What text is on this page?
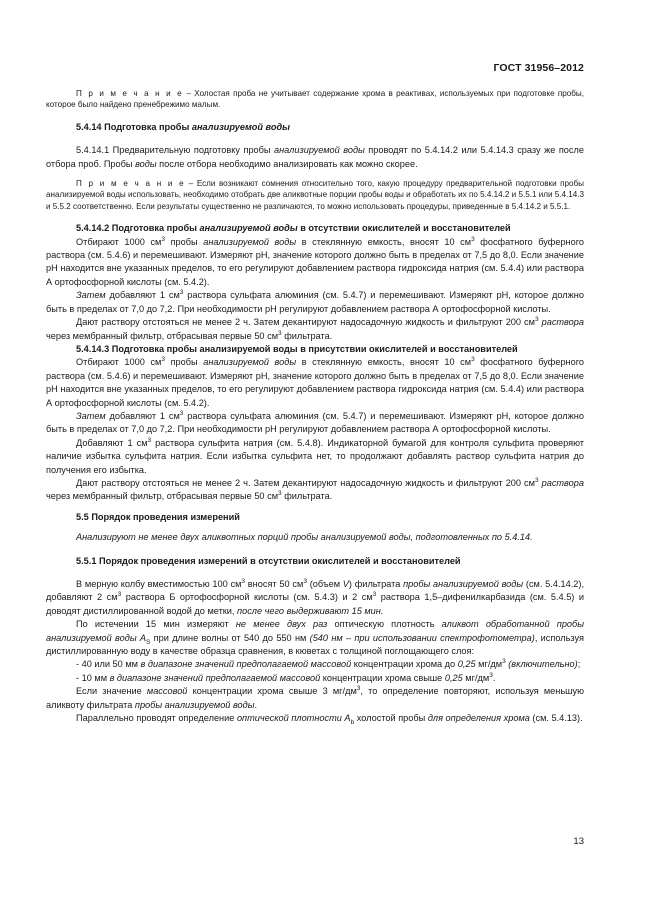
ГОСТ 31956–2012

П р и м е ч а н и е – Холостая проба не учитывает содержание хрома в реактивах, используемых при подготовке пробы, которое было найдено пренебрежимо малым.

5.4.14 Подготовка пробы анализируемой воды

5.4.14.1 Предварительную подготовку пробы анализируемой воды проводят по 5.4.14.2 или 5.4.14.3 сразу же после отбора проб. Пробы воды после отбора необходимо анализировать как можно скорее.

П р и м е ч а н и е – Если возникают сомнения относительно того, какую процедуру предварительной подготовки пробы анализируемой воды использовать, необходимо отобрать две аликвотные порции пробы воды и обработать их по 5.4.14.2 и 5.5.1 или 5.4.14.3 и 5.5.2 соответственно. Если результаты существенно не различаются, то можно использовать процедуры, приведенные в 5.4.14.2 и 5.5.1.

5.4.14.2 Подготовка пробы анализируемой воды в отсутствии окислителей и восстановителей

Отбирают 1000 $см^3$ пробы анализируемой воды в стеклянную емкость, вносят 10 $см^3$ фосфатного буферного раствора (см. 5.4.6) и перемешивают. Измеряют pH, значение которого должно быть в пределах от 7,5 до 8,0. Если значение pH находится вне указанных пределов, то его регулируют добавлением раствора гидроксида натрия (см. 5.4.4) или раствора А ортофосфорной кислоты (см. 5.4.2).

Затем добавляют 1 $см^3$ раствора сульфата алюминия (см. 5.4.7) и перемешивают. Измеряют pH, которое должно быть в пределах от 7,0 до 7,2. При необходимости pH регулируют добавлением раствора А ортофосфорной кислоты.

Дают раствору отстояться не менее 2 ч. Затем декантируют надосадочную жидкость и фильтруют 200 $см^3$ раствора через мембранный фильтр, отбрасывая первые 50 $см^3$ фильтрата.

5.4.14.3 Подготовка пробы анализируемой воды в присутствии окислителей и восстановителей

Отбирают 1000 $см^3$ пробы анализируемой воды в стеклянную емкость, вносят 10 $см^3$ фосфатного буферного раствора (см. 5.4.6) и перемешивают. Измеряют pH, значение которого должно быть в пределах от 7,5 до 8,0. Если значение pH находится вне указанных пределов, то его регулируют добавлением раствора гидроксида натрия (см. 5.4.4) или раствора А ортофосфорной кислоты (см. 5.4.2).

Затем добавляют 1 $см^3$ раствора сульфата алюминия (см. 5.4.7) и перемешивают. Измеряют pH, которое должно быть в пределах от 7,0 до 7,2. При необходимости pH регулируют добавлением раствора А ортофосфорной кислоты.

Добавляют 1 $см^3$ раствора сульфита натрия (см. 5.4.8). Индикаторной бумагой для контроля сульфита проверяют наличие избытка сульфита натрия. Если избытка сульфита нет, то продолжают добавлять раствор сульфита натрия до получения его избытка.

Дают раствору отстояться не менее 2 ч. Затем декантируют надосадочную жидкость и фильтруют 200 $см^3$ раствора через мембранный фильтр, отбрасывая первые 50 $см^3$ фильтрата.

5.5 Порядок проведения измерений

Анализируют не менее двух аликвотных порций пробы анализируемой воды, подготовленных по 5.4.14.

5.5.1 Порядок проведения измерений в отсутствии окислителей и восстановителей

В мерную колбу вместимостью 100 $см^3$ вносят 50 $см^3$ (объем V) фильтрата пробы анализируемой воды (см. 5.4.14.2), добавляют 2 $см^3$ раствора Б ортофосфорной кислоты (см. 5.4.3) и 2 $см^3$ раствора 1,5–дифенилкарбазида (см. 5.4.5) и доводят дистиллированной водой до метки, после чего выдерживают 15 мин.

По истечении 15 мин измеряют не менее двух раз оптическую плотность аликвот обработанной пробы анализируемой воды $A_S$ при длине волны от 540 до 550 нм (540 нм – при использовании спектрофотометра), используя дистиллированную воду в качестве образца сравнения, в кюветах с толщиной поглощающего слоя:

- 40 или 50 мм в диапазоне значений предполагаемой массовой концентрации хрома до 0,25 $мг/дм^3$ (включительно);

- 10 мм в диапазоне значений предполагаемой массовой концентрации хрома свыше 0,25 $мг/дм^3$.

Если значение массовой концентрации хрома свыше 3 $мг/дм^3$, то определение повторяют, используя меньшую аликвоту фильтрата пробы анализируемой воды.

Параллельно проводят определение оптической плотности $A_b$ холостой пробы для определения хрома (см. 5.4.13).

13
